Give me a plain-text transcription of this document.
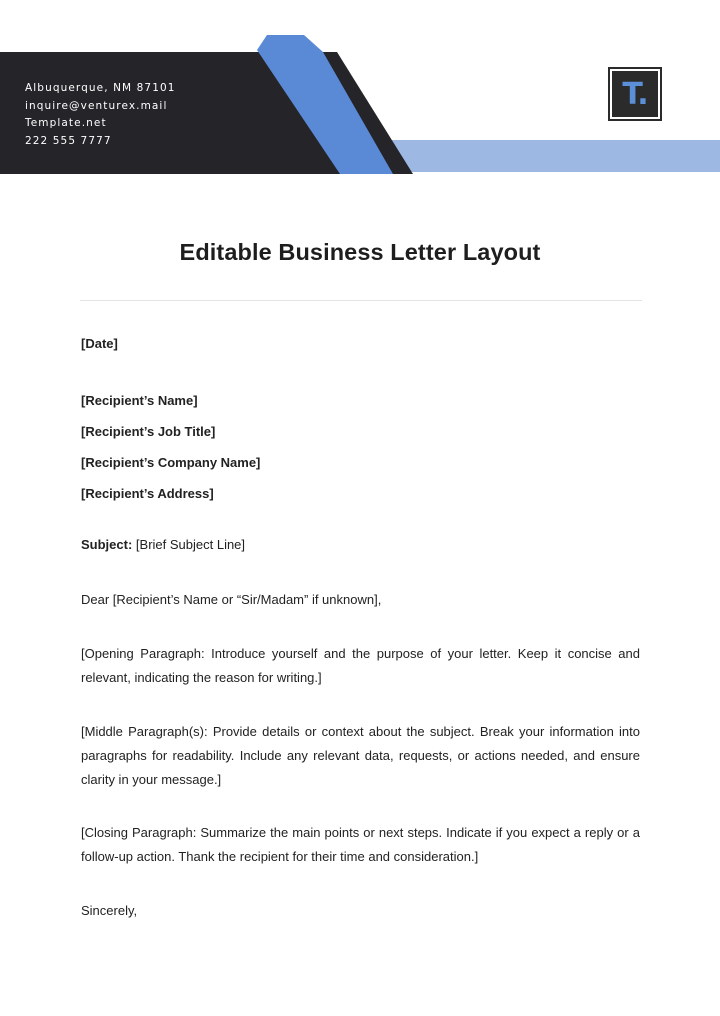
Albuquerque, NM 87101
inquire@venturex.mail
Template.net
222 555 7777
T.
Editable Business Letter Layout
[Date]
[Recipient’s Name]
[Recipient’s Job Title]
[Recipient’s Company Name]
[Recipient’s Address]
Subject: [Brief Subject Line]
Dear [Recipient’s Name or “Sir/Madam” if unknown],
[Opening Paragraph: Introduce yourself and the purpose of your letter. Keep it concise and relevant, indicating the reason for writing.]
[Middle Paragraph(s): Provide details or context about the subject. Break your information into paragraphs for readability. Include any relevant data, requests, or actions needed, and ensure clarity in your message.]
[Closing Paragraph: Summarize the main points or next steps. Indicate if you expect a reply or a follow-up action. Thank the recipient for their time and consideration.]
Sincerely,
